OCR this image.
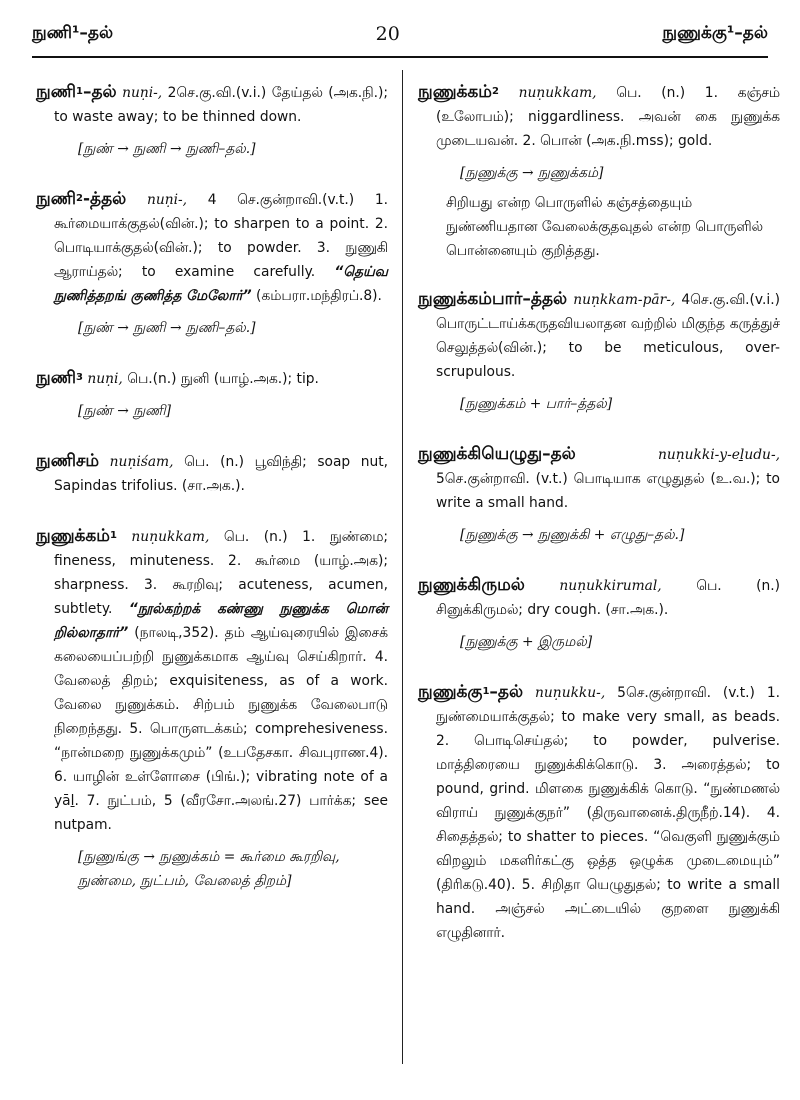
நுணி¹–தல்	20	நுணுக்கு¹–தல்
நுணி$^1$–தல் nuṇi-, 2செ.கு.வி.(v.i.) தேய்தல் (அக.நி.); to waste away; to be thinned down.
[நுண் → நுணி → நுணி–தல்.]
நுணி$^2$-த்தல் nuṇi-, 4 செ.குன்றாவி.(v.t.) 1. கூர்மையாக்குதல்(வின்.); to sharpen to a point. 2. பொடியாக்குதல்(வின்.); to powder. 3. நுணுகி ஆராய்தல்; to examine carefully. “தெய்வ நுணித்தறங் குணித்த மேலோர்” (கம்பரா.மந்திரப்.8).
[நுண் → நுணி → நுணி–தல்.]
நுணி$^3$ nuṇi, பெ.(n.) நுனி (யாழ்.அக.); tip.
[நுண் → நுணி]
நுணிசம் nuṇiśam, பெ. (n.) பூவிந்தி; soap nut, Sapindas trifolius. (சா.அக.).
நுணுக்கம்$^1$ nuṇukkam, பெ. (n.) 1. நுண்மை; fineness, minuteness. 2. கூர்மை (யாழ்.அக); sharpness. 3. கூரறிவு; acuteness, acumen, subtlety. “நூல்கற்றக் கண்ணு நுணுக்க மொன் றில்லாதார்” (நாலடி,352). தம் ஆய்வுரையில் இசைக் கலையைப்பற்றி நுணுக்கமாக ஆய்வு செய்கிறார். 4. வேலைத் திறம்; exquisiteness, as of a work. வேலை நுணுக்கம். சிற்பம் நுணுக்க வேலைபாடு நிறைந்தது. 5. பொருளடக்கம்; comprehesiveness. “நான்மறை நுணுக்கமும்” (உபதேசகா. சிவபுராண.4). 6. யாழின் உள்ளோசை (பிங்.); vibrating note of a yāḻ. 7. நுட்பம், 5 (வீரசோ.அலங்.27) பார்க்க; see nutpam.
[நுணுங்கு → நுணுக்கம் = கூர்மை கூரறிவு, நுண்மை, நுட்பம், வேலைத் திறம்]
நுணுக்கம்$^2$ nuṇukkam, பெ. (n.) 1. கஞ்சம் (உலோபம்); niggardliness. அவன் கை நுணுக்க முடையவன். 2. பொன் (அக.நி.mss); gold.
[நுணுக்கு → நுணுக்கம்]
சிறியது என்ற பொருளில் கஞ்சத்தையும் நுண்ணியதான வேலைக்குதவுதல் என்ற பொருளில் பொன்னையும் குறித்தது.
நுணுக்கம்பார்–த்தல் nuṇkkam-pār-, 4செ.கு.வி.(v.i.) பொருட்டாய்க்கருதவியலாதன வற்றில் மிகுந்த கருத்துச் செலுத்தல்(வின்.); to be meticulous, over-scrupulous.
[நுணுக்கம் + பார்–த்தல்]
நுணுக்கியெழுது–தல்	nuṇukki-y-eḻudu-, 5செ.குன்றாவி. (v.t.) பொடியாக எழுதுதல் (உ.வ.); to write a small hand.
[நுணுக்கு → நுணுக்கி + எழுது–தல்.]
நுணுக்கிருமல்	nuṇukkirumal,	பெ. (n.) சினுக்கிருமல்; dry cough. (சா.அக.).
[நுணுக்கு + இருமல்]
நுணுக்கு$^1$–தல் nuṇukku-, 5செ.குன்றாவி. (v.t.) 1. நுண்மையாக்குதல்; to make very small, as beads. 2. பொடிசெய்தல்; to powder, pulverise. மாத்திரையை நுணுக்கிக்கொடு. 3. அரைத்தல்; to pound, grind. மிளகை நுணுக்கிக் கொடு. “நுண்மணல் விராய் நுணுக்குநர்” (திருவானைக்.திருநீற்.14). 4. சிதைத்தல்; to shatter to pieces. “வெகுளி நுணுக்கும் விறலும் மகளிர்கட்கு ஒத்த ஒழுக்க முடைமையும்” (திரிகடு.40). 5. சிறிதா யெழுதுதல்; to write a small hand. அஞ்சல் அட்டையில் குறளை நுணுக்கி எழுதினார்.
